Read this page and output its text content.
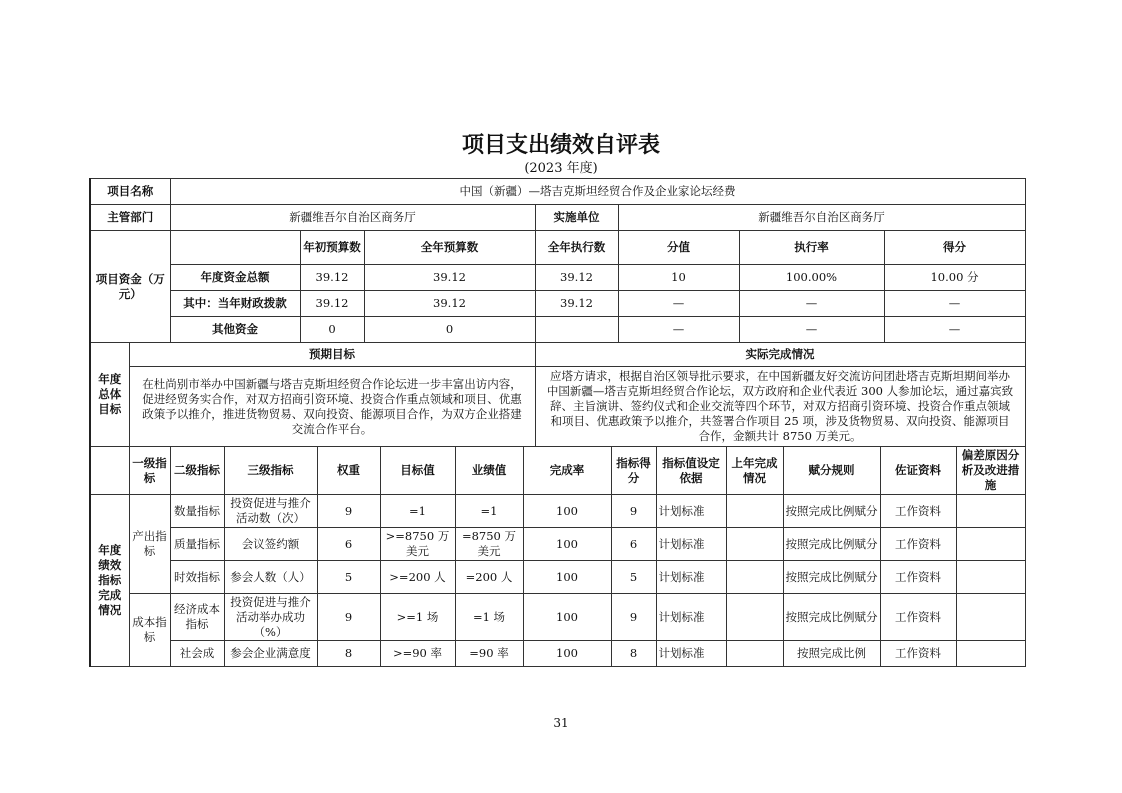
项目支出绩效自评表
(2023 年度)
项目名称		中国（新疆）—塔吉克斯坦经贸合作及企业家论坛经费						
主管部门		新疆维吾尔自治区商务厅			实施单位	新疆维吾尔自治区商务厅		
项目资金（万元）			年初预算数	全年预算数	全年执行数	分值	执行率	得分
		年度资金总额	39.12	39.12	39.12	10	100.00%	10.00 分
		其中：当年财政拨款	39.12	39.12	39.12	—	—	—
		其他资金	0	0		—	—	—
年度总体目标	预期目标				实际完成情况			
	在杜尚别市举办中国新疆与塔吉克斯坦经贸合作论坛进一步丰富出访内容，促进经贸务实合作，对双方招商引资环境、投资合作重点领域和项目、优惠政策予以推介，推进货物贸易、双向投资、能源项目合作，为双方企业搭建交流合作平台。				应塔方请求，根据自治区领导批示要求，在中国新疆友好交流访问团赴塔吉克斯坦期间举办中国新疆—塔吉克斯坦经贸合作论坛，双方政府和企业代表近 300 人参加论坛，通过嘉宾致辞、主旨演讲、签约仪式和企业交流等四个环节，对双方招商引资环境、投资合作重点领域和项目、优惠政策予以推介，共签署合作项目 25 项，涉及货物贸易、双向投资、能源项目合作，金额共计 8750 万美元。			
	一级指标	二级指标	三级指标	权重	目标值	业绩值	完成率	指标得分	指标值设定依据	上年完成情况	赋分规则	佐证资料	偏差原因分析及改进措施
年度绩效指标完成情况	产出指标	数量指标	投资促进与推介活动数（次）	9	=1	=1	100	9	计划标准		按照完成比例赋分	工作资料	
		质量指标	会议签约额	6	>=8750 万美元	=8750 万美元	100	6	计划标准		按照完成比例赋分	工作资料	
		时效指标	参会人数（人）	5	>=200 人	=200 人	100	5	计划标准		按照完成比例赋分	工作资料	
	成本指标	经济成本指标	投资促进与推介活动举办成功（%）	9	>=1 场	=1 场	100	9	计划标准		按照完成比例赋分	工作资料	
		社会成	参会企业满意度	8	>=90 率	=90 率	100	8	计划标准		按照完成比例	工作资料	
31
